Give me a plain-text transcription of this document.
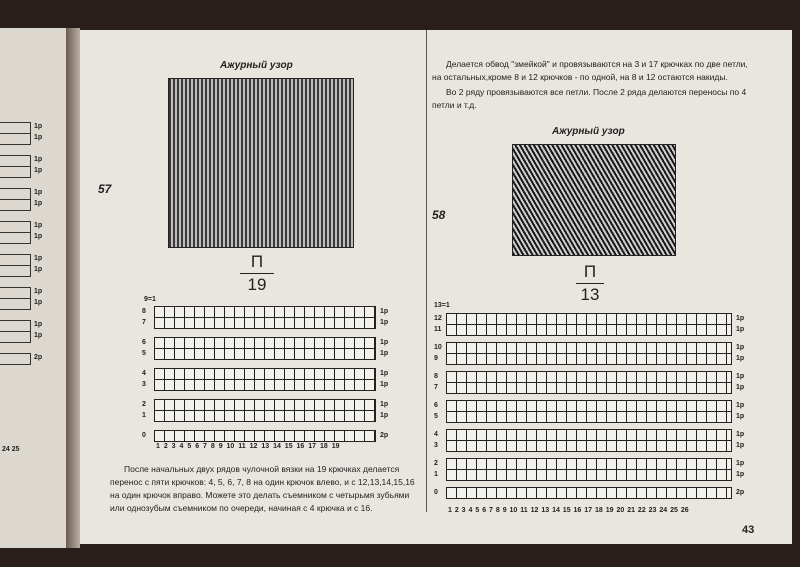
1р
1р
1р
1р
1р
1р
1р
1р
1р
1р
1р
1р
1р
1р
2р
24 25
Ажурный узор
57
П
19
9=1
8	1р
7	1р
6	1р
5	1р
4	1р
3	1р
2	1р
1	1р
0	2р
1 2 3 4 5 6 7 8 9 10 11 12 13 14 15 16 17 18 19
После начальных двух рядов чулочной вязки на 19 крючках делается перенос с пяти крючков: 4, 5, 6, 7, 8 на один крючок влево, и с 12,13,14,15,16 на один крючок вправо. Можете это делать съемником с четырьмя зубьями или однозубым съемником по очереди, начиная с 4 крючка и с 16.
Делается обвод "змейкой" и провязываются на 3 и 17 крючках по две петли, на остальных,кроме 8 и 12 крючков - по одной, на 8 и 12 остаются накиды.
Во 2 ряду провязываются все петли. После 2 ряда делаются переносы по 4 петли и т.д.
Ажурный узор
58
П
13
13=1
12	1р
11	1р
10	1р
9	1р
8	1р
7	1р
6	1р
5	1р
4	1р
3	1р
2	1р
1	1р
0	2р
1 2 3 4 5 6 7 8 9 10 11 12 13 14 15 16 17 18 19 20 21 22 23 24 25 26
43
